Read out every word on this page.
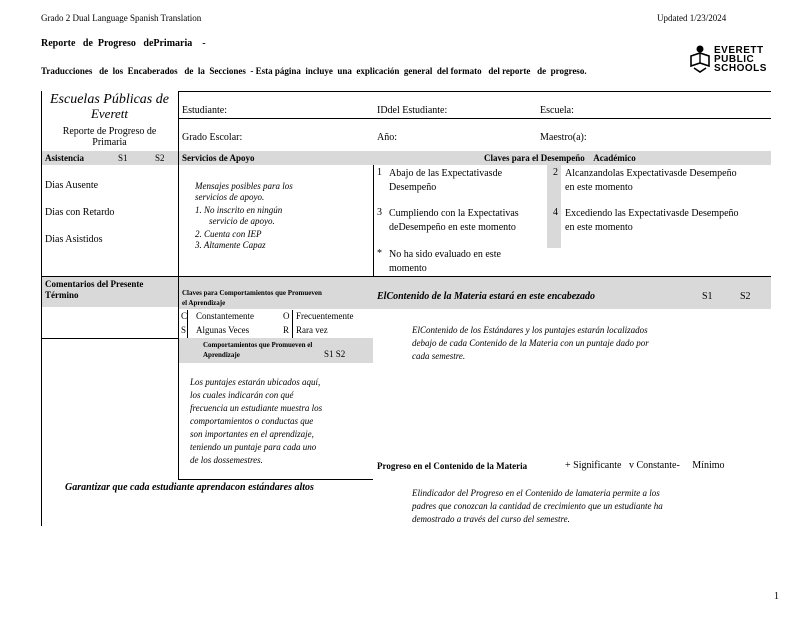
Grado 2 Dual Language Spanish Translation	Updated 1/23/2024
Reporte   de  Progreso   dePrimaria    -
Traducciones   de  los  Encaberados   de  la  Secciones  - Esta página  incluye  una  explicación  general  del formato   del reporte   de  progreso.
EVERETT
PUBLIC
SCHOOLS
Escuelas Públicas de
Everett
Reporte de Progreso de
Primaria
Estudiante:	IDdel Estudiante:	Escuela:
Grado Escolar:	Año:	Maestro(a):
Asistencia	S1	S2
Dias Ausente
Dias con Retardo
Dias Asistidos
Servicios de Apoyo
Mensajes posibles para los
servicios de apoyo.
1. No inscrito en ningún
servicio de apoyo.
2. Cuenta con IEP
3. Altamente Capaz
Claves para el Desempeño    Académico
1 Abajo de las Expectativasde
Desempeño
2 Alcanzandolas Expectativasde Desempeño
en este momento
3 Cumpliendo con la Expectativas
deDesempeño en este momento
4 Excediendo las Expectativasde Desempeño
en este momento
* No ha sido evaluado en este
momento
Comentarios del Presente
Término	Claves para Comportamientos que Promueven
el Aprendizaje
C Constantemente	O Frecuentemente
S Algunas Veces	R Rara vez
Comportamientos que Promueven el
Aprendizaje	S1 S2
Los puntajes estarán ubicados aquí,
los cuales indicarán con qué
frecuencia un estudiante muestra los
comportamientos o conductas que
son importantes en el aprendizaje,
teniendo un puntaje para cada uno
de los dossemestres.
ElContenido de la Materia estará en este encabezado	S1	S2
ElContenido de los Estándares y los puntajes estarán localizados
debajo de cada Contenido de la Materia con un puntaje dado por
cada semestre.
Progreso en el Contenido de la Materia	+ Significante   v Constante-     Mínimo
Elindicador del Progreso en el Contenido de lamateria permite a los
padres que conozcan la cantidad de crecimiento que un estudiante ha
demostrado a través del curso del semestre.
Garantizar que cada estudiante aprendacon estándares altos
1
